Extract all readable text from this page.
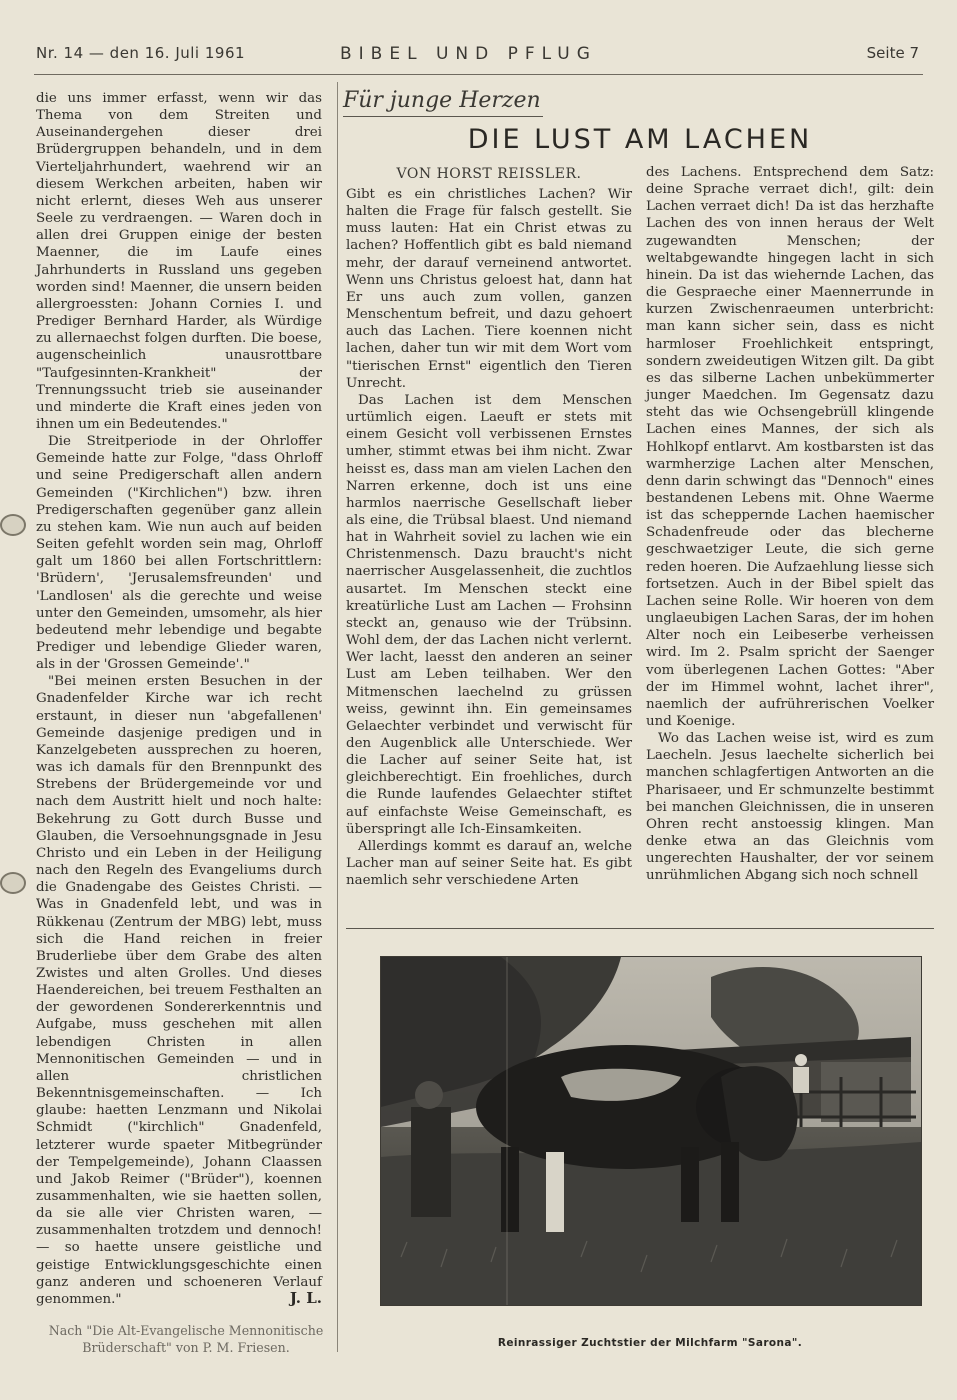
Nr. 14 — den 16. Juli 1961	BIBEL UND PFLUG	Seite 7

die uns immer erfasst, wenn wir das Thema von dem Streiten und Auseinandergehen dieser drei Brüdergruppen behandeln, und in dem Vierteljahrhundert, waehrend wir an diesem Werkchen arbeiten, haben wir nicht erlernt, dieses Weh aus unserer Seele zu verdraengen. — Waren doch in allen drei Gruppen einige der besten Maenner, die im Laufe eines Jahrhunderts in Russland uns gegeben worden sind! Maenner, die unsern beiden allergroessten: Johann Cornies I. und Prediger Bernhard Harder, als Würdige zu allernaechst folgen durften. Die boese, augenscheinlich unausrottbare "Taufgesinnten-Krankheit" der Trennungssucht trieb sie auseinander und minderte die Kraft eines jeden von ihnen um ein Bedeutendes."

Die Streitperiode in der Ohrloffer Gemeinde hatte zur Folge, "dass Ohrloff und seine Predigerschaft allen andern Gemeinden ("Kirchlichen") bzw. ihren Predigerschaften gegenüber ganz allein zu stehen kam. Wie nun auch auf beiden Seiten gefehlt worden sein mag, Ohrloff galt um 1860 bei allen Fortschrittlern: 'Brüdern', 'Jerusalemsfreunden' und 'Landlosen' als die gerechte und weise unter den Gemeinden, umsomehr, als hier bedeutend mehr lebendige und begabte Prediger und lebendige Glieder waren, als in der 'Grossen Gemeinde'."

"Bei meinen ersten Besuchen in der Gnadenfelder Kirche war ich recht erstaunt, in dieser nun 'abgefallenen' Gemeinde dasjenige predigen und in Kanzelgebeten aussprechen zu hoeren, was ich damals für den Brennpunkt des Strebens der Brüdergemeinde vor und nach dem Austritt hielt und noch halte: Bekehrung zu Gott durch Busse und Glauben, die Versoehnungsgnade in Jesu Christo und ein Leben in der Heiligung nach den Regeln des Evangeliums durch die Gnadengabe des Geistes Christi. — Was in Gnadenfeld lebt, und was in Rükkenau (Zentrum der MBG) lebt, muss sich die Hand reichen in freier Bruderliebe über dem Grabe des alten Zwistes und alten Grolles. Und dieses Haendereichen, bei treuem Festhalten an der gewordenen Sondererkenntnis und Aufgabe, muss geschehen mit allen lebendigen Christen in allen Mennonitischen Gemeinden — und in allen christlichen Bekenntnisgemeinschaften. — Ich glaube: haetten Lenzmann und Nikolai Schmidt ("kirchlich" Gnadenfeld, letzterer wurde spaeter Mitbegründer der Tempelgemeinde), Johann Claassen und Jakob Reimer ("Brüder"), koennen zusammenhalten, wie sie haetten sollen, da sie alle vier Christen waren, — zusammenhalten trotzdem und dennoch! — so haette unsere geistliche und geistige Entwicklungsgeschichte einen ganz anderen und schoeneren Verlauf genommen."	J. L.
Nach "Die Alt-Evangelische Mennonitische Brüderschaft" von P. M. Friesen.
Für junge Herzen
DIE LUST AM LACHEN
VON HORST REISSLER.

Gibt es ein christliches Lachen? Wir halten die Frage für falsch gestellt. Sie muss lauten: Hat ein Christ etwas zu lachen? Hoffentlich gibt es bald niemand mehr, der darauf verneinend antwortet. Wenn uns Christus geloest hat, dann hat Er uns auch zum vollen, ganzen Menschentum befreit, und dazu gehoert auch das Lachen. Tiere koennen nicht lachen, daher tun wir mit dem Wort vom "tierischen Ernst" eigentlich den Tieren Unrecht.

Das Lachen ist dem Menschen urtümlich eigen. Laeuft er stets mit einem Gesicht voll verbissenen Ernstes umher, stimmt etwas bei ihm nicht. Zwar heisst es, dass man am vielen Lachen den Narren erkenne, doch ist uns eine harmlos naerrische Gesellschaft lieber als eine, die Trübsal blaest. Und niemand hat in Wahrheit soviel zu lachen wie ein Christenmensch. Dazu braucht's nicht naerrischer Ausgelassenheit, die zuchtlos ausartet. Im Menschen steckt eine kreatürliche Lust am Lachen — Frohsinn steckt an, genauso wie der Trübsinn. Wohl dem, der das Lachen nicht verlernt. Wer lacht, laesst den anderen an seiner Lust am Leben teilhaben. Wer den Mitmenschen laechelnd zu grüssen weiss, gewinnt ihn. Ein gemeinsames Gelaechter verbindet und verwischt für den Augenblick alle Unterschiede. Wer die Lacher auf seiner Seite hat, ist gleichberechtigt. Ein froehliches, durch die Runde laufendes Gelaechter stiftet auf einfachste Weise Gemeinschaft, es überspringt alle Ich-Einsamkeiten.

Allerdings kommt es darauf an, welche Lacher man auf seiner Seite hat. Es gibt naemlich sehr verschiedene Arten

des Lachens. Entsprechend dem Satz: deine Sprache verraet dich!, gilt: dein Lachen verraet dich! Da ist das herzhafte Lachen des von innen heraus der Welt zugewandten Menschen; der weltabgewandte hingegen lacht in sich hinein. Da ist das wiehernde Lachen, das die Gespraeche einer Maennerrunde in kurzen Zwischenraeumen unterbricht: man kann sicher sein, dass es nicht harmloser Froehlichkeit entspringt, sondern zweideutigen Witzen gilt. Da gibt es das silberne Lachen unbekümmerter junger Maedchen. Im Gegensatz dazu steht das wie Ochsengebrüll klingende Lachen eines Mannes, der sich als Hohlkopf entlarvt. Am kostbarsten ist das warmherzige Lachen alter Menschen, denn darin schwingt das "Dennoch" eines bestandenen Lebens mit. Ohne Waerme ist das scheppernde Lachen haemischer Schadenfreude oder das blecherne geschwaetziger Leute, die sich gerne reden hoeren. Die Aufzaehlung liesse sich fortsetzen. Auch in der Bibel spielt das Lachen seine Rolle. Wir hoeren von dem unglaeubigen Lachen Saras, der im hohen Alter noch ein Leibeserbe verheissen wird. Im 2. Psalm spricht der Saenger vom überlegenen Lachen Gottes: "Aber der im Himmel wohnt, lachet ihrer", naemlich der aufrührerischen Voelker und Koenige.

Wo das Lachen weise ist, wird es zum Laecheln. Jesus laechelte sicherlich bei manchen schlagfertigen Antworten an die Pharisaeer, und Er schmunzelte bestimmt bei manchen Gleichnissen, die in unseren Ohren recht anstoessig klingen. Man denke etwa an das Gleichnis vom ungerechten Haushalter, der vor seinem unrühmlichen Abgang sich noch schnell

Reinrassiger Zuchtstier der Milchfarm "Sarona".
